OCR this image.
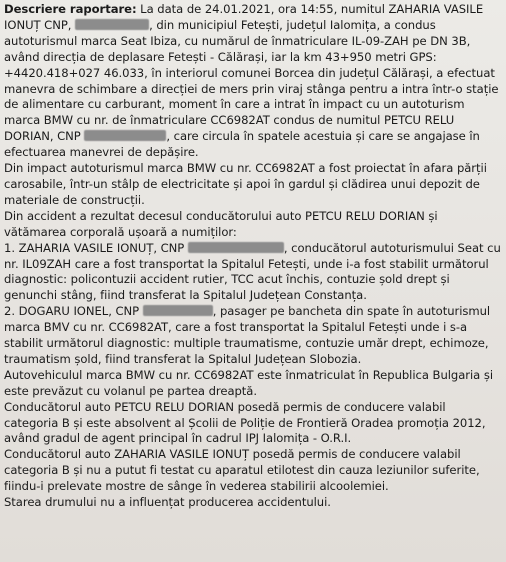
Descriere raportare: La data de 24.01.2021, ora 14:55, numitul ZAHARIA VASILE IONUȚ CNP,	, din municipiul Fetești, județul Ialomița, a condus autoturismul marca Seat Ibiza, cu numărul de înmatriculare IL-09-ZAH pe DN 3B, având direcția de deplasare Fetești - Călărași, iar la km 43+950 metri GPS: +4420.418+027 46.033, în interiorul comunei Borcea din județul Călărași, a efectuat manevra de schimbare a direcției de mers prin viraj stânga pentru a intra într-o stație de alimentare cu carburant, moment în care a intrat în impact cu un autoturism marca BMW cu nr. de înmatriculare CC6982AT condus de numitul PETCU RELU DORIAN, CNP	, care circula în spatele acestuia și care se angajase în efectuarea manevrei de depășire.

Din impact autoturismul marca BMW cu nr. CC6982AT a fost proiectat în afara părții carosabile, într-un stâlp de electricitate și apoi în gardul și clădirea unui depozit de materiale de construcții.

Din accident a rezultat decesul conducătorului auto PETCU RELU DORIAN și vătămarea corporală ușoară a numiților:

1. ZAHARIA VASILE IONUȚ, CNP	, conducătorul autoturismului Seat cu nr. IL09ZAH care a fost transportat la Spitalul Fetești, unde i-a fost stabilit următorul diagnostic: policontuzii accident rutier, TCC acut închis, contuzie șold drept și genunchi stâng, fiind transferat la Spitalul Județean Constanța.

2. DOGARU IONEL, CNP	, pasager pe bancheta din spate în autoturismul marca BMV cu nr. CC6982AT, care a fost transportat la Spitalul Fetești unde i s-a stabilit următorul diagnostic: multiple traumatisme, contuzie umăr drept, echimoze, traumatism șold, fiind transferat la Spitalul Județean Slobozia.

Autovehiculul marca BMW cu nr. CC6982AT este înmatriculat în Republica Bulgaria și este prevăzut cu volanul pe partea dreaptă.

Conducătorul auto PETCU RELU DORIAN posedă permis de conducere valabil categoria B și este absolvent al Școlii de Poliție de Frontieră Oradea promoția 2012, având gradul de agent principal în cadrul IPJ Ialomița - O.R.I.

Conducătorul auto ZAHARIA VASILE IONUȚ posedă permis de conducere valabil categoria B și nu a putut fi testat cu aparatul etilotest din cauza leziunilor suferite, fiindu-i prelevate mostre de sânge în vederea stabilirii alcoolemiei.

Starea drumului nu a influențat producerea accidentului.
